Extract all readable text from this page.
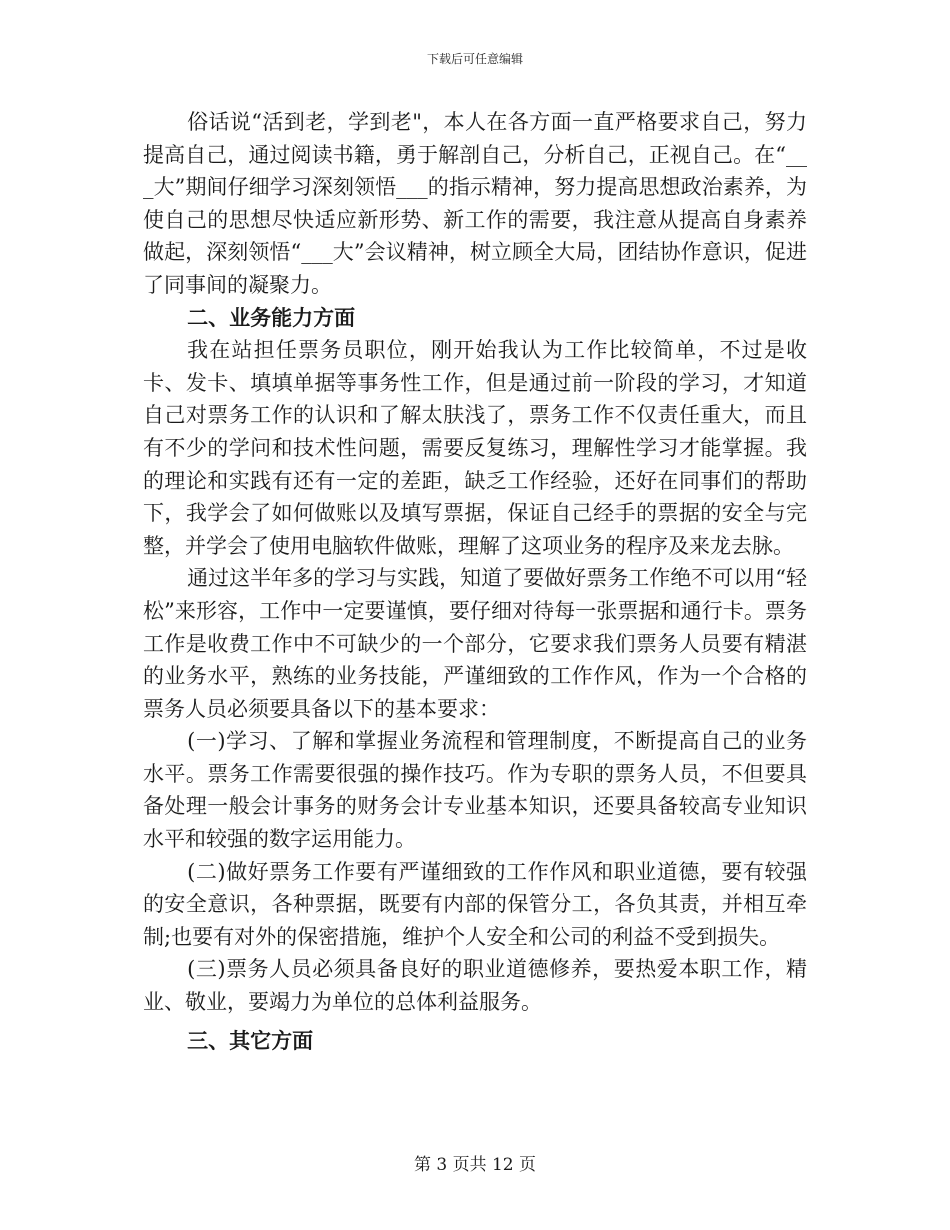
下载后可任意编辑

俗话说“活到老，学到老"，本人在各方面一直严格要求自己，努力提高自己，通过阅读书籍，勇于解剖自己，分析自己，正视自己。在“___大”期间仔细学习深刻领悟___的指示精神，努力提高思想政治素养，为使自己的思想尽快适应新形势、新工作的需要，我注意从提高自身素养做起，深刻领悟“___大”会议精神，树立顾全大局，团结协作意识，促进了同事间的凝聚力。

二、业务能力方面

我在站担任票务员职位，刚开始我认为工作比较简单，不过是收卡、发卡、填填单据等事务性工作，但是通过前一阶段的学习，才知道自己对票务工作的认识和了解太肤浅了，票务工作不仅责任重大，而且有不少的学问和技术性问题，需要反复练习，理解性学习才能掌握。我的理论和实践有还有一定的差距，缺乏工作经验，还好在同事们的帮助下，我学会了如何做账以及填写票据，保证自己经手的票据的安全与完整，并学会了使用电脑软件做账，理解了这项业务的程序及来龙去脉。

通过这半年多的学习与实践，知道了要做好票务工作绝不可以用“轻松”来形容，工作中一定要谨慎，要仔细对待每一张票据和通行卡。票务工作是收费工作中不可缺少的一个部分，它要求我们票务人员要有精湛的业务水平，熟练的业务技能，严谨细致的工作作风，作为一个合格的票务人员必须要具备以下的基本要求：

(一)学习、了解和掌握业务流程和管理制度，不断提高自己的业务水平。票务工作需要很强的操作技巧。作为专职的票务人员，不但要具备处理一般会计事务的财务会计专业基本知识，还要具备较高专业知识水平和较强的数字运用能力。

(二)做好票务工作要有严谨细致的工作作风和职业道德，要有较强的安全意识，各种票据，既要有内部的保管分工，各负其责，并相互牵制;也要有对外的保密措施，维护个人安全和公司的利益不受到损失。

(三)票务人员必须具备良好的职业道德修养，要热爱本职工作，精业、敬业，要竭力为单位的总体利益服务。

三、其它方面

第 3 页共 12 页
